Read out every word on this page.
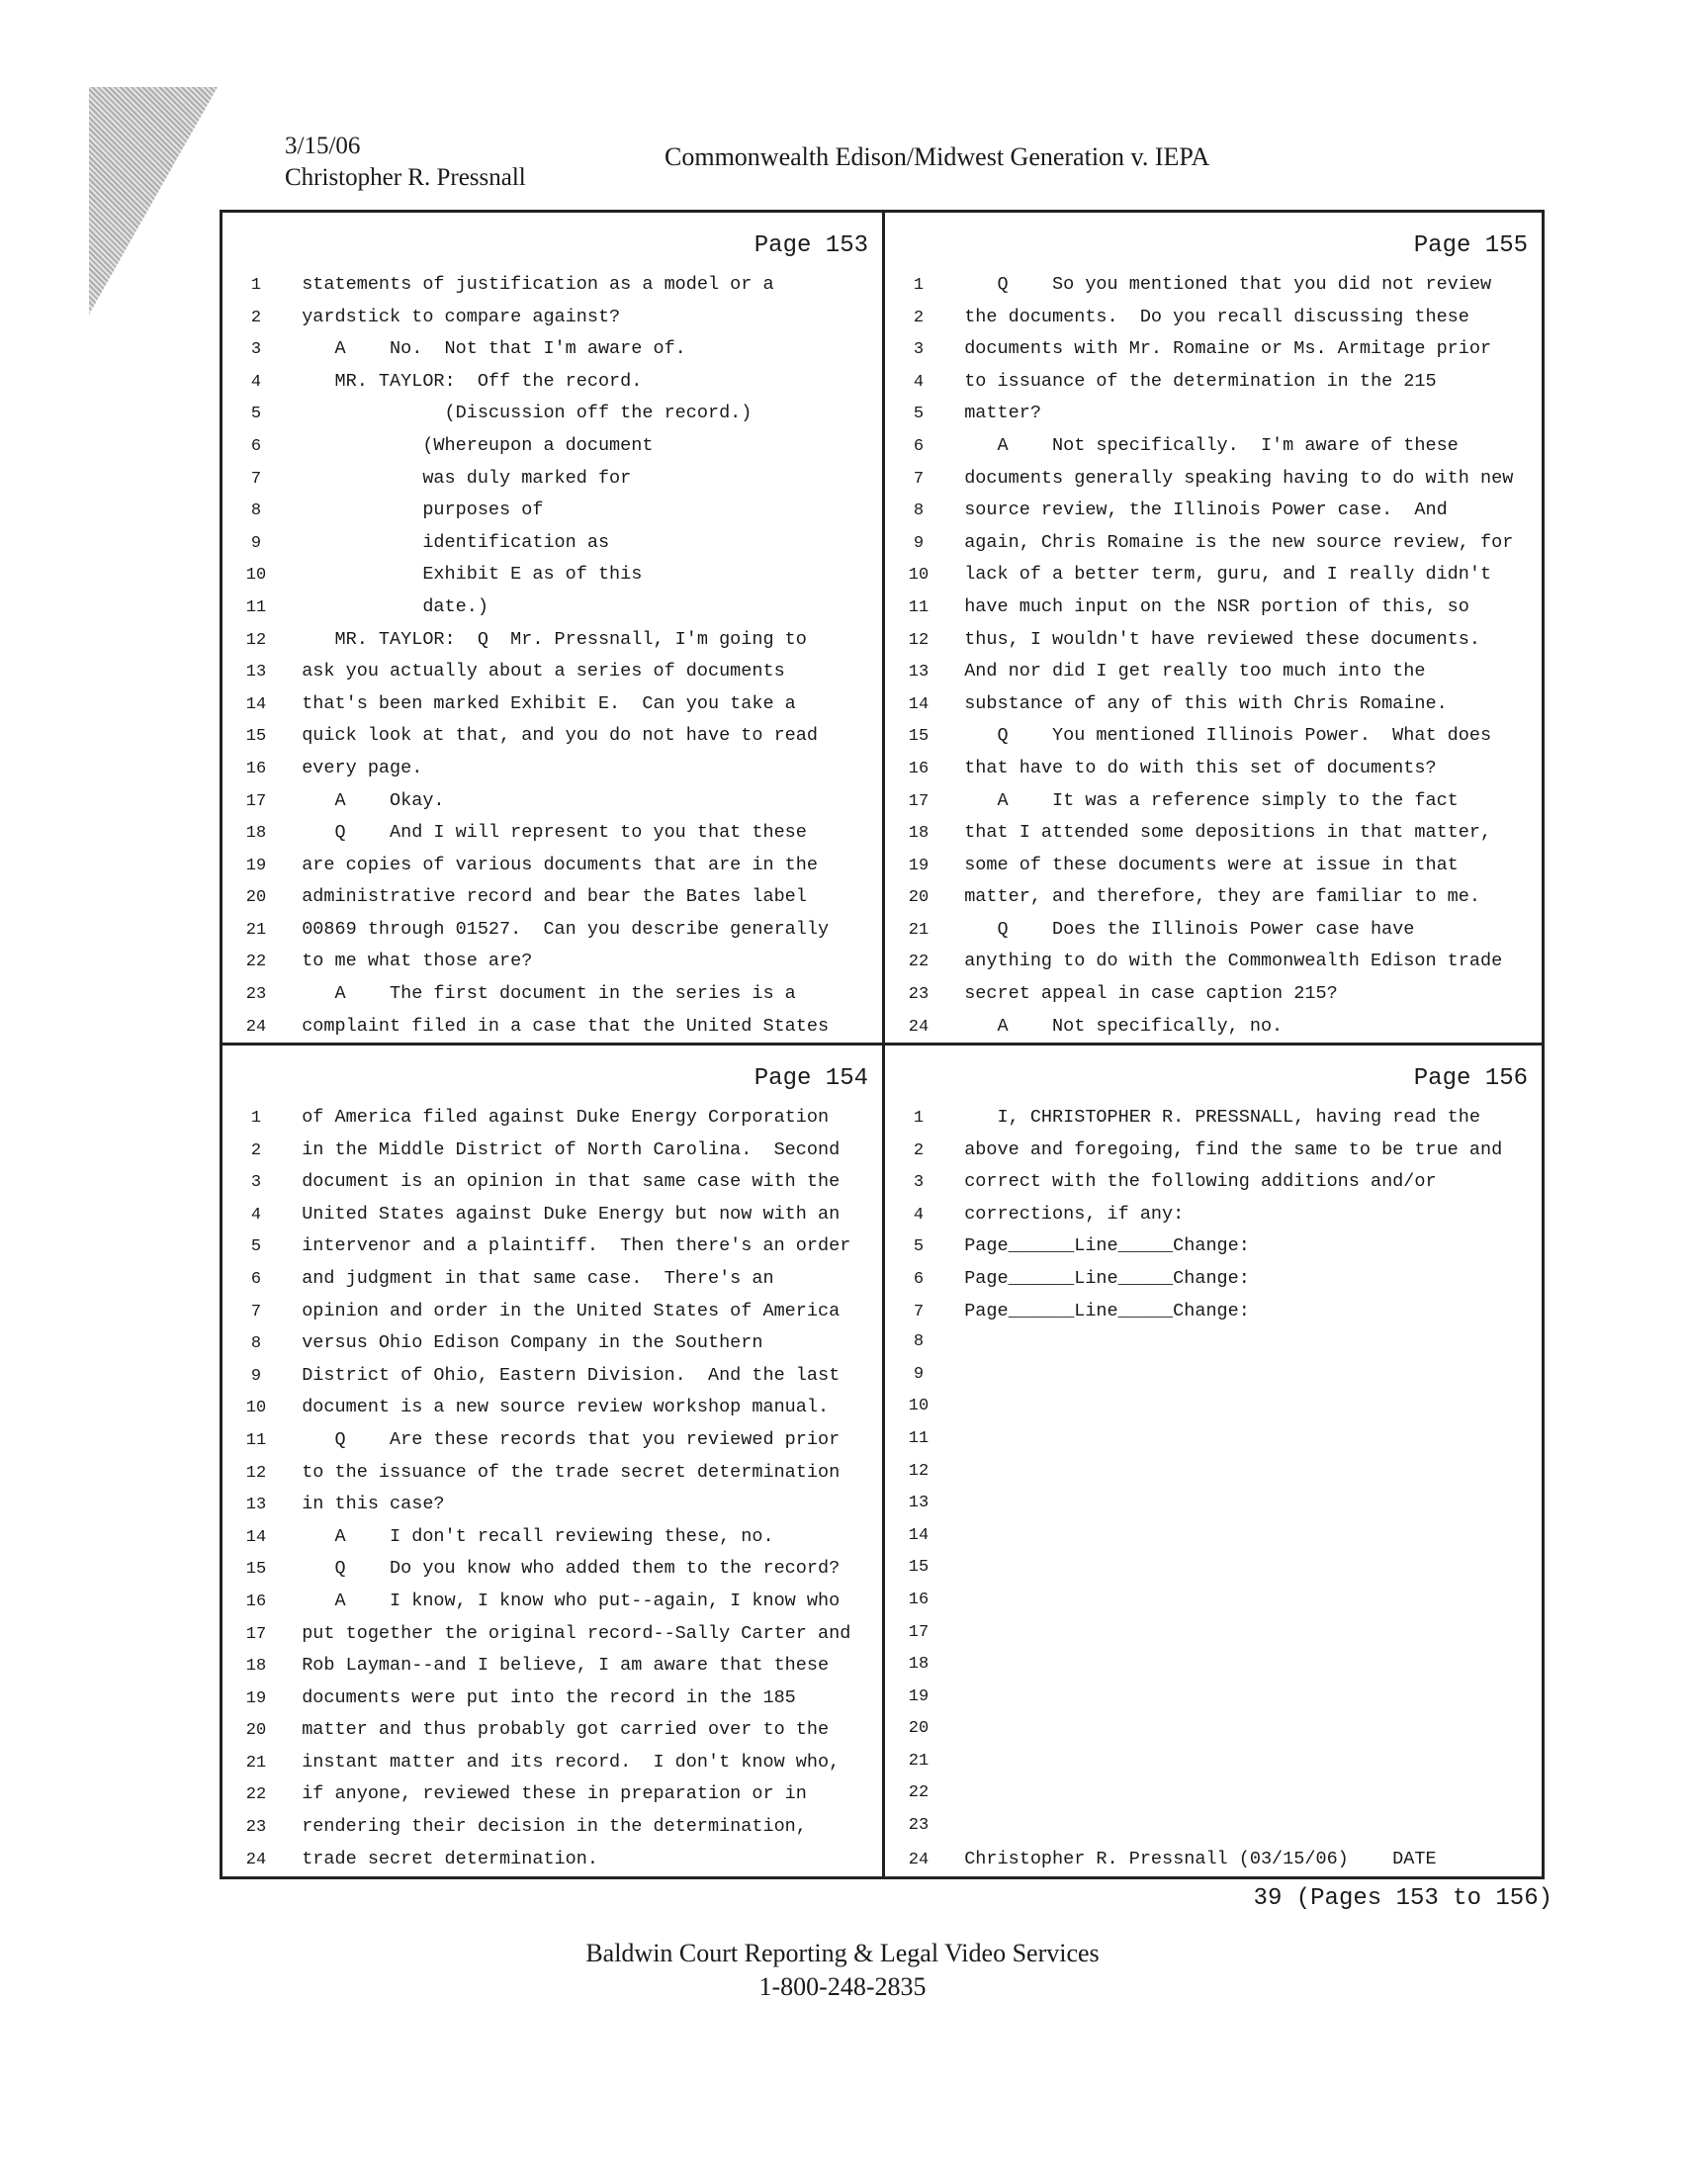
3/15/06
Christopher R. Pressnall
Commonwealth Edison/Midwest Generation v. IEPA
Page 153
1	statements of justification as a model or a
2	yardstick to compare against?
3	A    No.  Not that I'm aware of.
4	MR. TAYLOR:  Off the record.
5	(Discussion off the record.)
6	(Whereupon a document
7	was duly marked for
8	purposes of
9	identification as
10 Exhibit E as of this
11 date.)
12 MR. TAYLOR:  Q  Mr. Pressnall, I'm going to
13 ask you actually about a series of documents
14 that's been marked Exhibit E.  Can you take a
15 quick look at that, and you do not have to read
16 every page.
17 A    Okay.
18 Q    And I will represent to you that these
19 are copies of various documents that are in the
20 administrative record and bear the Bates label
21 00869 through 01527.  Can you describe generally
22 to me what those are?
23 A    The first document in the series is a
24 complaint filed in a case that the United States
Page 155
1	Q    So you mentioned that you did not review
2	the documents.  Do you recall discussing these
3	documents with Mr. Romaine or Ms. Armitage prior
4	to issuance of the determination in the 215
5	matter?
6	A    Not specifically.  I'm aware of these
7	documents generally speaking having to do with new
8	source review, the Illinois Power case.  And
9	again, Chris Romaine is the new source review, for
10 lack of a better term, guru, and I really didn't
11 have much input on the NSR portion of this, so
12 thus, I wouldn't have reviewed these documents.
13 And nor did I get really too much into the
14 substance of any of this with Chris Romaine.
15 Q    You mentioned Illinois Power.  What does
16 that have to do with this set of documents?
17 A    It was a reference simply to the fact
18 that I attended some depositions in that matter,
19 some of these documents were at issue in that
20 matter, and therefore, they are familiar to me.
21 Q    Does the Illinois Power case have
22 anything to do with the Commonwealth Edison trade
23 secret appeal in case caption 215?
24 A    Not specifically, no.
Page 154
1	of America filed against Duke Energy Corporation
2	in the Middle District of North Carolina.  Second
3	document is an opinion in that same case with the
4	United States against Duke Energy but now with an
5	intervenor and a plaintiff.  Then there's an order
6	and judgment in that same case.  There's an
7	opinion and order in the United States of America
8	versus Ohio Edison Company in the Southern
9	District of Ohio, Eastern Division.  And the last
10 document is a new source review workshop manual.
11 Q    Are these records that you reviewed prior
12 to the issuance of the trade secret determination
13 in this case?
14 A    I don't recall reviewing these, no.
15 Q    Do you know who added them to the record?
16 A    I know, I know who put--again, I know who
17 put together the original record--Sally Carter and
18 Rob Layman--and I believe, I am aware that these
19 documents were put into the record in the 185
20 matter and thus probably got carried over to the
21 instant matter and its record.  I don't know who,
22 if anyone, reviewed these in preparation or in
23 rendering their decision in the determination,
24 trade secret determination.
Page 156
1	I, CHRISTOPHER R. PRESSNALL, having read the
2	above and foregoing, find the same to be true and
3	correct with the following additions and/or
4	corrections, if any:
5	Page______Line_____Change:
6	Page______Line_____Change:
7	Page______Line_____Change:
8
9
10
11
12
13
14
15
16
17
18
19
20
21
22
23
24 Christopher R. Pressnall (03/15/06)    DATE
39 (Pages 153 to 156)
Baldwin Court Reporting & Legal Video Services
1-800-248-2835
